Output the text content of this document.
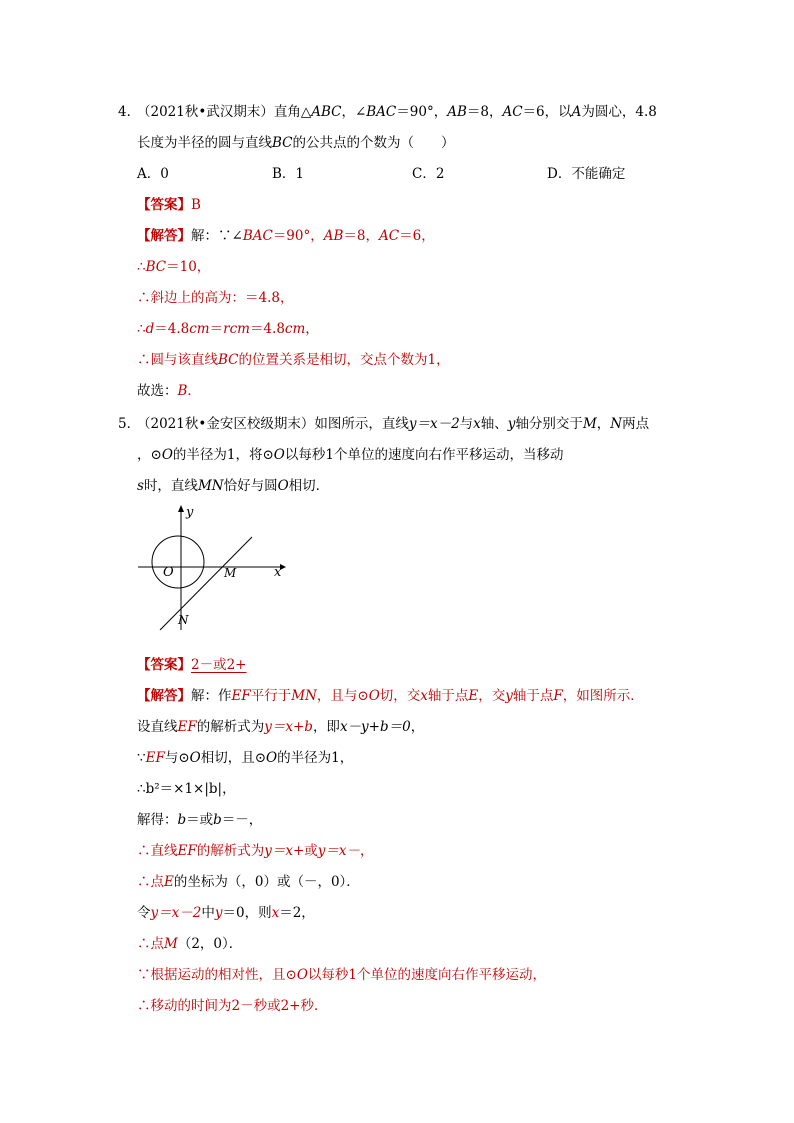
4．
（2021秋•武汉期末）直角△ABC，∠BAC＝90°，AB＝8，AC＝6，以A为圆心，4.8
长度为半径的圆与直线BC的公共点的个数为（　　）
A．0	B．1	C．2	D．不能确定
【答案】B
【解答】解：∵∠BAC＝90°，AB＝8，AC＝6，
∴BC＝10，
∴斜边上的高为：＝4.8，
∴d＝4.8cm＝rcm＝4.8cm，
∴圆与该直线BC的位置关系是相切，交点个数为1，
故选：B．
5．
（2021秋•金安区校级期末）如图所示，直线y＝x－2与x轴、y轴分别交于M，N两点
，⊙O的半径为1，将⊙O以每秒1个单位的速度向右作平移运动，当移动
s时，直线MN恰好与圆O相切．
y
x
O	M
N
【答案】2－或2+
【解答】解：作EF平行于MN，且与⊙O切，交x轴于点E，交y轴于点F，如图所示．
设直线EF的解析式为y＝x+b，即x－y+b＝0，
∵EF与⊙O相切，且⊙O的半径为1，
∴b²＝×1×|b|，
解得：b＝或b＝－，
∴直线EF的解析式为y＝x+或y＝x－，
∴点E的坐标为（，0）或（－，0）．
令y＝x－2中y＝0，则x＝2，
∴点M（2，0）．
∵根据运动的相对性，且⊙O以每秒1个单位的速度向右作平移运动，
∴移动的时间为2－秒或2+秒．
